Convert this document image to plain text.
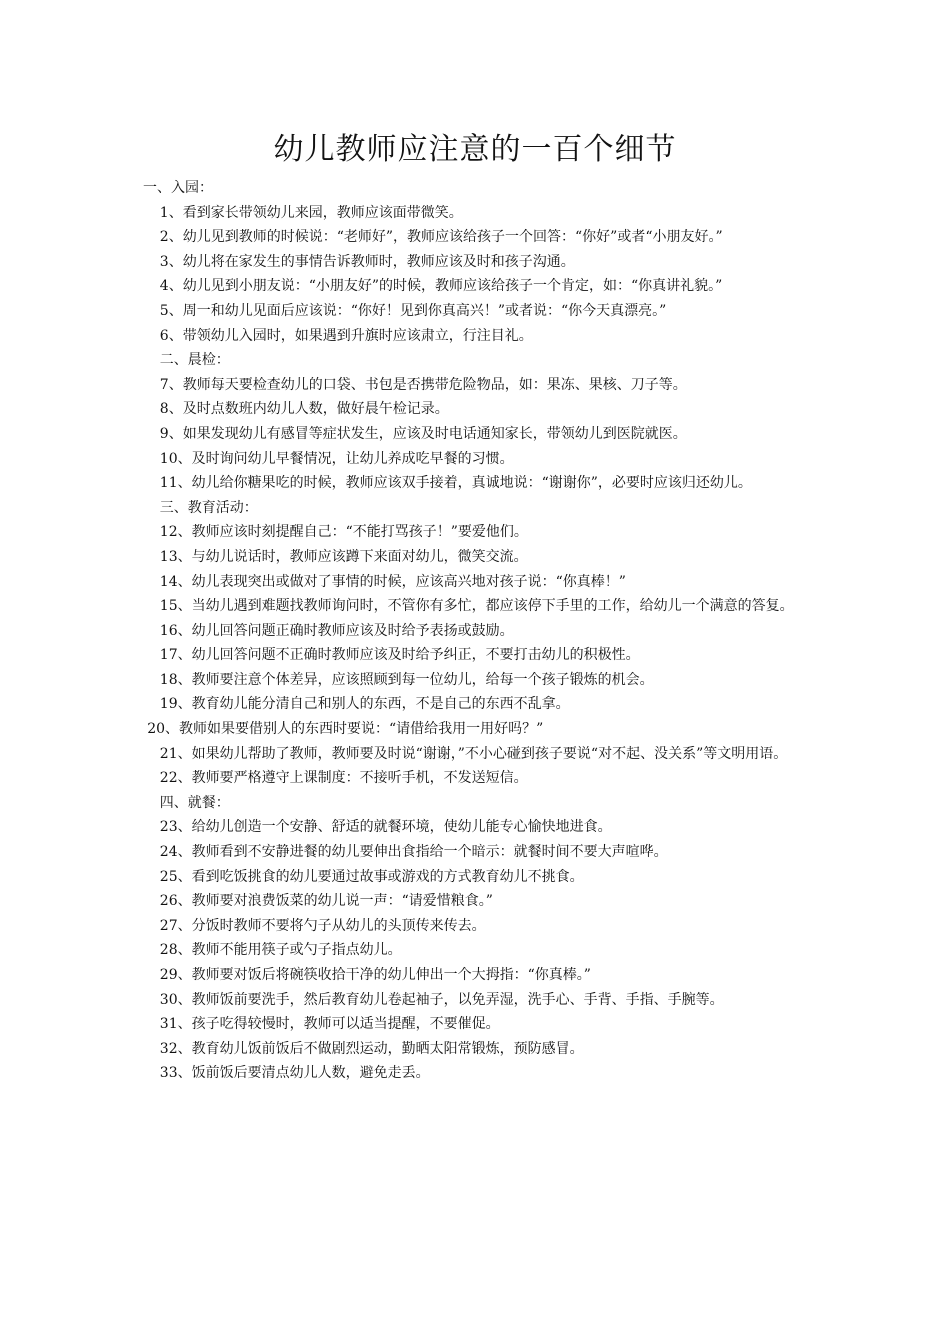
幼儿教师应注意的一百个细节

一、入园：

1、看到家长带领幼儿来园，教师应该面带微笑。

2、幼儿见到教师的时候说：“老师好”，教师应该给孩子一个回答：“你好”或者“小朋友好。”

3、幼儿将在家发生的事情告诉教师时，教师应该及时和孩子沟通。

4、幼儿见到小朋友说：“小朋友好”的时候，教师应该给孩子一个肯定，如：“你真讲礼貌。”

5、周一和幼儿见面后应该说：“你好！见到你真高兴！”或者说：“你今天真漂亮。”

6、带领幼儿入园时，如果遇到升旗时应该肃立，行注目礼。

二、晨检：

7、教师每天要检查幼儿的口袋、书包是否携带危险物品，如：果冻、果核、刀子等。

8、及时点数班内幼儿人数，做好晨午检记录。

9、如果发现幼儿有感冒等症状发生，应该及时电话通知家长，带领幼儿到医院就医。

10、及时询问幼儿早餐情况，让幼儿养成吃早餐的习惯。

11、幼儿给你糖果吃的时候，教师应该双手接着，真诚地说：“谢谢你”，必要时应该归还幼儿。

三、教育活动：

12、教师应该时刻提醒自己：“不能打骂孩子！”要爱他们。

13、与幼儿说话时，教师应该蹲下来面对幼儿，微笑交流。

14、幼儿表现突出或做对了事情的时候，应该高兴地对孩子说：“你真棒！”

15、当幼儿遇到难题找教师询问时，不管你有多忙，都应该停下手里的工作，给幼儿一个满意的答复。

16、幼儿回答问题正确时教师应该及时给予表扬或鼓励。

17、幼儿回答问题不正确时教师应该及时给予纠正，不要打击幼儿的积极性。

18、教师要注意个体差异，应该照顾到每一位幼儿，给每一个孩子锻炼的机会。

19、教育幼儿能分清自己和别人的东西，不是自己的东西不乱拿。

20、教师如果要借别人的东西时要说：“请借给我用一用好吗？”

21、如果幼儿帮助了教师，教师要及时说“谢谢，”不小心碰到孩子要说“对不起、没关系”等文明用语。

22、教师要严格遵守上课制度：不接听手机，不发送短信。

四、就餐：

23、给幼儿创造一个安静、舒适的就餐环境，使幼儿能专心愉快地进食。

24、教师看到不安静进餐的幼儿要伸出食指给一个暗示：就餐时间不要大声喧哗。

25、看到吃饭挑食的幼儿要通过故事或游戏的方式教育幼儿不挑食。

26、教师要对浪费饭菜的幼儿说一声：“请爱惜粮食。”

27、分饭时教师不要将勺子从幼儿的头顶传来传去。

28、教师不能用筷子或勺子指点幼儿。

29、教师要对饭后将碗筷收拾干净的幼儿伸出一个大拇指：“你真棒。”

30、教师饭前要洗手，然后教育幼儿卷起袖子，以免弄湿，洗手心、手背、手指、手腕等。

31、孩子吃得较慢时，教师可以适当提醒，不要催促。

32、教育幼儿饭前饭后不做剧烈运动，勤晒太阳常锻炼，预防感冒。

33、饭前饭后要清点幼儿人数，避免走丢。
